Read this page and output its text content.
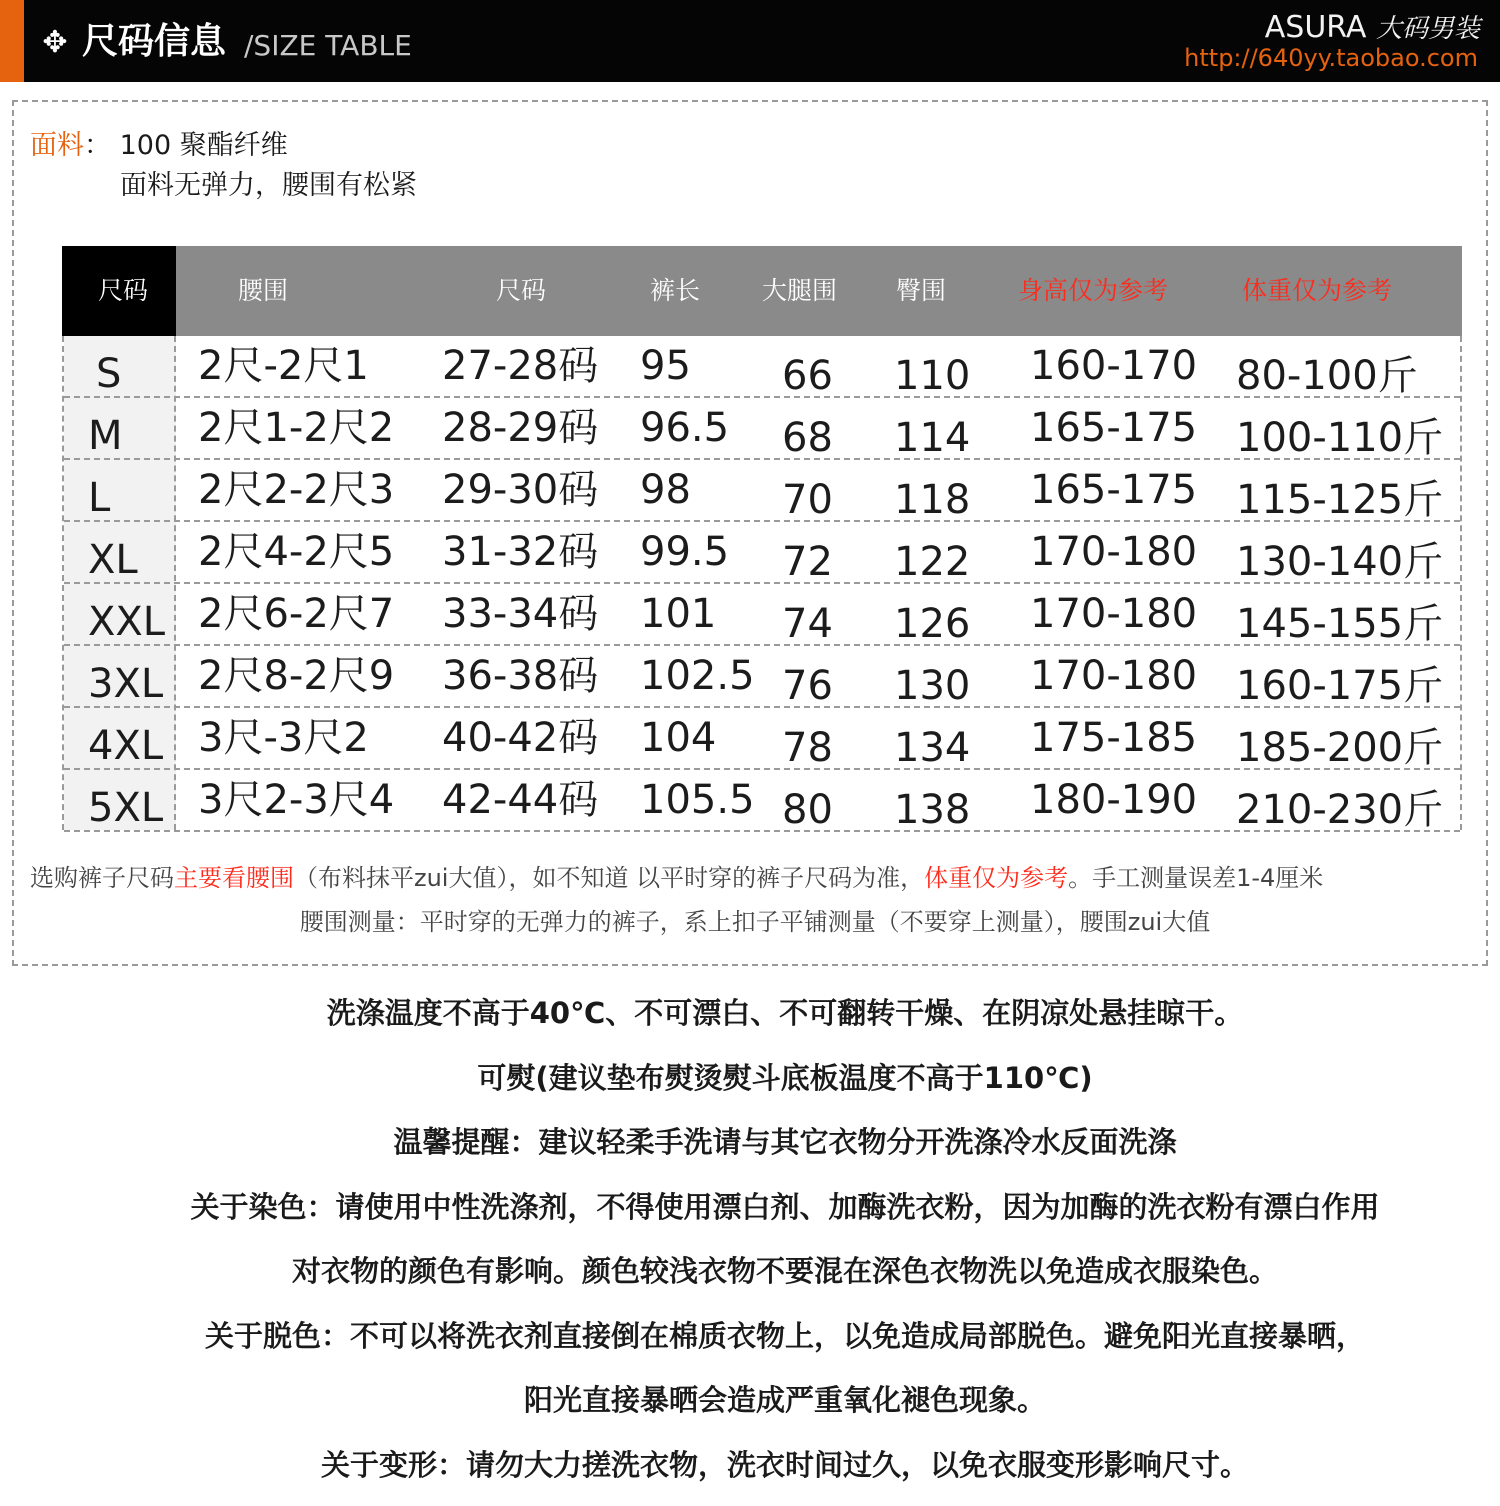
✥ 尺码信息 /SIZE TABLE
ASURA 大码男装
http://640yy.taobao.com
面料： 100 聚酯纤维
面料无弹力，腰围有松紧
尺码	腰围	尺码	裤长 大腿围 臀围	身高仅为参考	体重仅为参考
S 2尺-2尺1 27-28码 95 66 110 160-170 80-100斤
M 2尺1-2尺2 28-29码 96.5 68 114 165-175 100-110斤
L 2尺2-2尺3 29-30码 98 70 118 165-175 115-125斤
XL 2尺4-2尺5 31-32码 99.5 72 122 170-180 130-140斤
XXL 2尺6-2尺7 33-34码 101 74 126 170-180 145-155斤
3XL 2尺8-2尺9 36-38码 102.5 76 130 170-180 160-175斤
4XL 3尺-3尺2 40-42码 104 78 134 175-185 185-200斤
5XL 3尺2-3尺4 42-44码 105.5 80 138 180-190 210-230斤
选购裤子尺码主要看腰围（布料抹平zui大值），如不知道 以平时穿的裤子尺码为准，体重仅为参考。手工测量误差1-4厘米
腰围测量：平时穿的无弹力的裤子，系上扣子平铺测量（不要穿上测量），腰围zui大值
洗涤温度不高于40℃、不可漂白、不可翻转干燥、在阴凉处悬挂晾干。
可熨(建议垫布熨烫熨斗底板温度不高于110℃)
温馨提醒：建议轻柔手洗请与其它衣物分开洗涤冷水反面洗涤
关于染色：请使用中性洗涤剂，不得使用漂白剂、加酶洗衣粉，因为加酶的洗衣粉有漂白作用
对衣物的颜色有影响。颜色较浅衣物不要混在深色衣物洗以免造成衣服染色。
关于脱色：不可以将洗衣剂直接倒在棉质衣物上，以免造成局部脱色。避免阳光直接暴晒，
阳光直接暴晒会造成严重氧化褪色现象。
关于变形：请勿大力搓洗衣物，洗衣时间过久，以免衣服变形影响尺寸。
